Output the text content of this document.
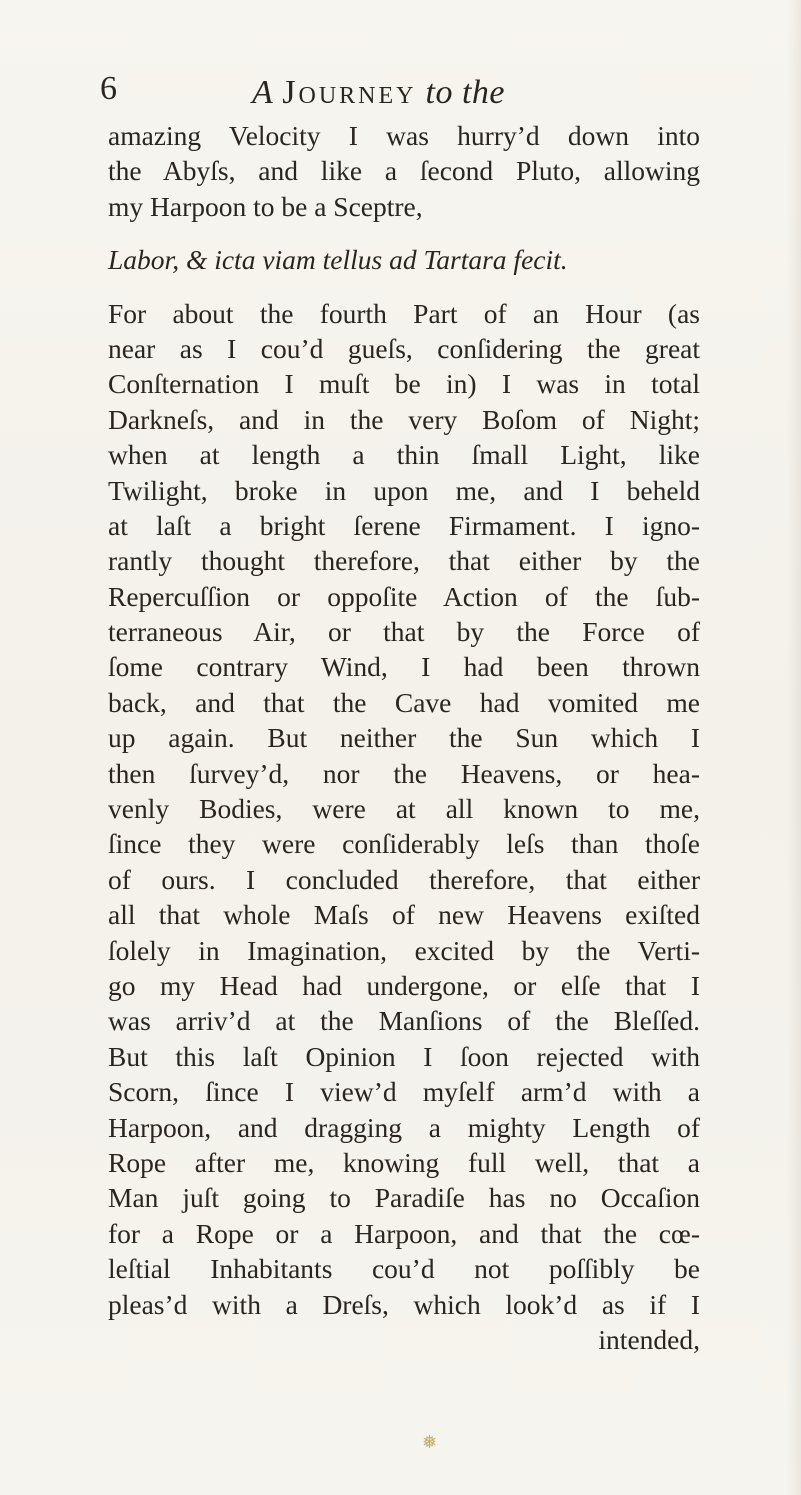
6	A Journey to the
amazing Velocity I was hurry’d down into
the Abyſs, and like a ſecond Pluto, allowing
my Harpoon to be a Sceptre,
Labor, & icta viam tellus ad Tartara fecit.
For about the fourth Part of an Hour (as
near as I cou’d gueſs, conſidering the great
Conſternation I muſt be in) I was in total
Darkneſs, and in the very Boſom of Night;
when at length a thin ſmall Light, like
Twilight, broke in upon me, and I beheld
at laſt a bright ſerene Firmament. I igno-
rantly thought therefore, that either by the
Repercuſſion or oppoſite Action of the ſub-
terraneous Air, or that by the Force of
ſome contrary Wind, I had been thrown
back, and that the Cave had vomited me
up again. But neither the Sun which I
then ſurvey’d, nor the Heavens, or hea-
venly Bodies, were at all known to me,
ſince they were conſiderably leſs than thoſe
of ours. I concluded therefore, that either
all that whole Maſs of new Heavens exiſted
ſolely in Imagination, excited by the Verti-
go my Head had undergone, or elſe that I
was arriv’d at the Manſions of the Bleſſed.
But this laſt Opinion I ſoon rejected with
Scorn, ſince I view’d myſelf arm’d with a
Harpoon, and dragging a mighty Length of
Rope after me, knowing full well, that a
Man juſt going to Paradiſe has no Occaſion
for a Rope or a Harpoon, and that the cœ-
leſtial Inhabitants cou’d not poſſibly be
pleas’d with a Dreſs, which look’d as if I
intended,
❅
